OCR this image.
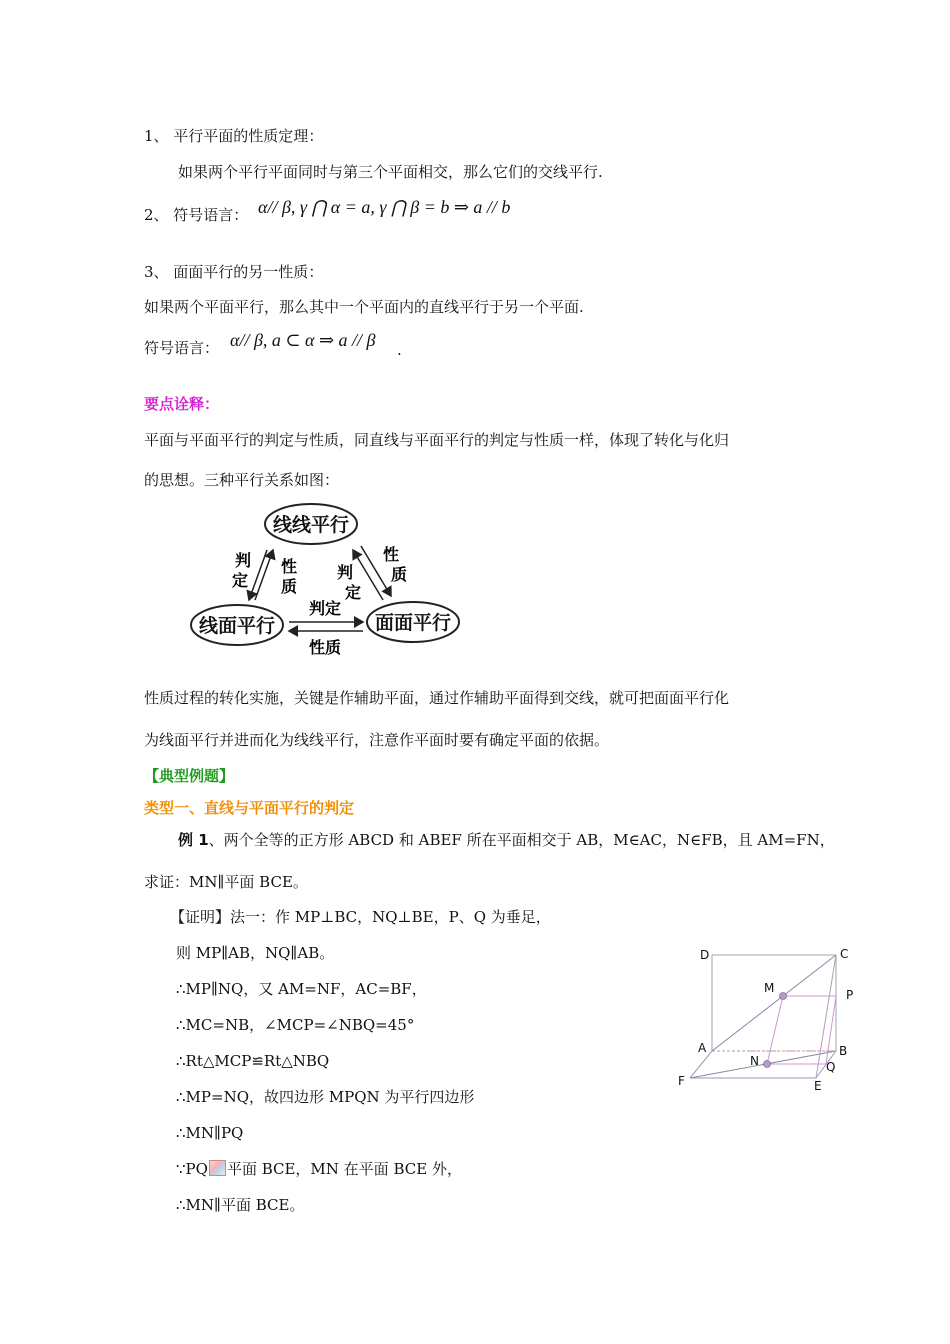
1、 平行平面的性质定理：
如果两个平行平面同时与第三个平面相交，那么它们的交线平行.
2、 符号语言： α// β, γ ⋂ α = a, γ ⋂ β = b ⇒ a // b
3、 面面平行的另一性质：
如果两个平面平行，那么其中一个平面内的直线平行于另一个平面.
符号语言： α// β, a ⊂ α ⇒ a // β .
要点诠释：
平面与平面平行的判定与性质，同直线与平面平行的判定与性质一样，体现了转化与化归
的思想。三种平行关系如图：
线线平行
线面平行	面面平行
判
定
性
质
判
定
性
质
判定
性质
性质过程的转化实施，关键是作辅助平面，通过作辅助平面得到交线，就可把面面平行化
为线面平行并进而化为线线平行，注意作平面时要有确定平面的依据。
【典型例题】
类型一、直线与平面平行的判定
例 1、两个全等的正方形 ABCD 和 ABEF 所在平面相交于 AB，M∈AC，N∈FB，且 AM=FN，
求证：MN∥平面 BCE。
【证明】法一：作 MP⊥BC，NQ⊥BE，P、Q 为垂足，
则 MP∥AB，NQ∥AB。
∴MP∥NQ，又 AM=NF，AC=BF，
∴MC=NB，∠MCP=∠NBQ=45°
∴Rt△MCP≌Rt△NBQ
∴MP=NQ，故四边形 MPQN 为平行四边形
∴MN∥PQ
∵PQ 平面 BCE，MN 在平面 BCE 外，
∴MN∥平面 BCE。
D	C
M	P
A	B
N	Q
F	E
